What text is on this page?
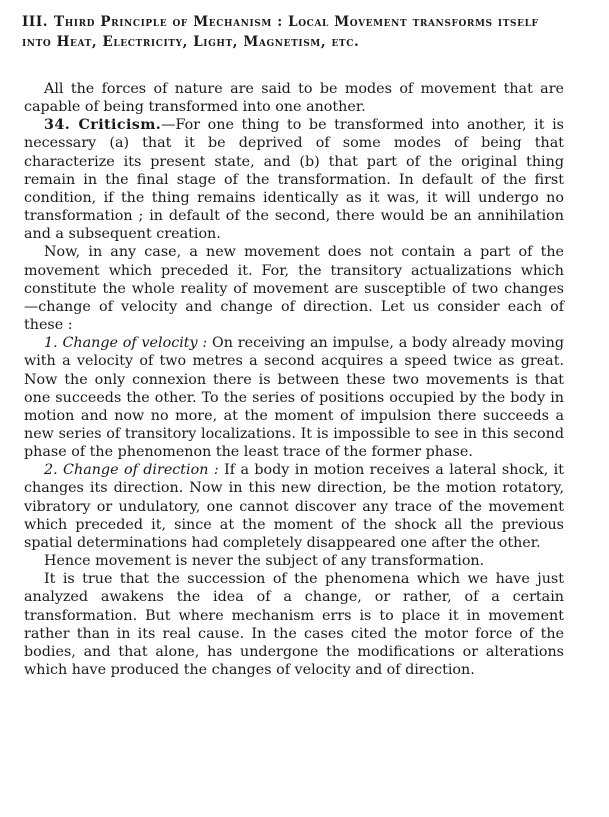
III. Third Principle of Mechanism : Local Movement transforms itself into Heat, Electricity, Light, Magnetism, etc.

All the forces of nature are said to be modes of movement that are capable of being transformed into one another.

34. Criticism.—For one thing to be transformed into another, it is necessary (a) that it be deprived of some modes of being that characterize its present state, and (b) that part of the original thing remain in the final stage of the transformation. In default of the first condition, if the thing remains identically as it was, it will undergo no transformation ; in default of the second, there would be an annihilation and a subsequent creation.

Now, in any case, a new movement does not contain a part of the movement which preceded it. For, the transitory actualizations which constitute the whole reality of movement are susceptible of two changes—change of velocity and change of direction. Let us consider each of these :

1. Change of velocity : On receiving an impulse, a body already moving with a velocity of two metres a second acquires a speed twice as great. Now the only connexion there is between these two movements is that one succeeds the other. To the series of positions occupied by the body in motion and now no more, at the moment of impulsion there succeeds a new series of transitory localizations. It is impossible to see in this second phase of the phenomenon the least trace of the former phase.

2. Change of direction : If a body in motion receives a lateral shock, it changes its direction. Now in this new direction, be the motion rotatory, vibratory or undulatory, one cannot discover any trace of the movement which preceded it, since at the moment of the shock all the previous spatial determinations had completely disappeared one after the other.

Hence movement is never the subject of any transformation.

It is true that the succession of the phenomena which we have just analyzed awakens the idea of a change, or rather, of a certain transformation. But where mechanism errs is to place it in movement rather than in its real cause. In the cases cited the motor force of the bodies, and that alone, has undergone the modifications or alterations which have produced the changes of velocity and of direction.
